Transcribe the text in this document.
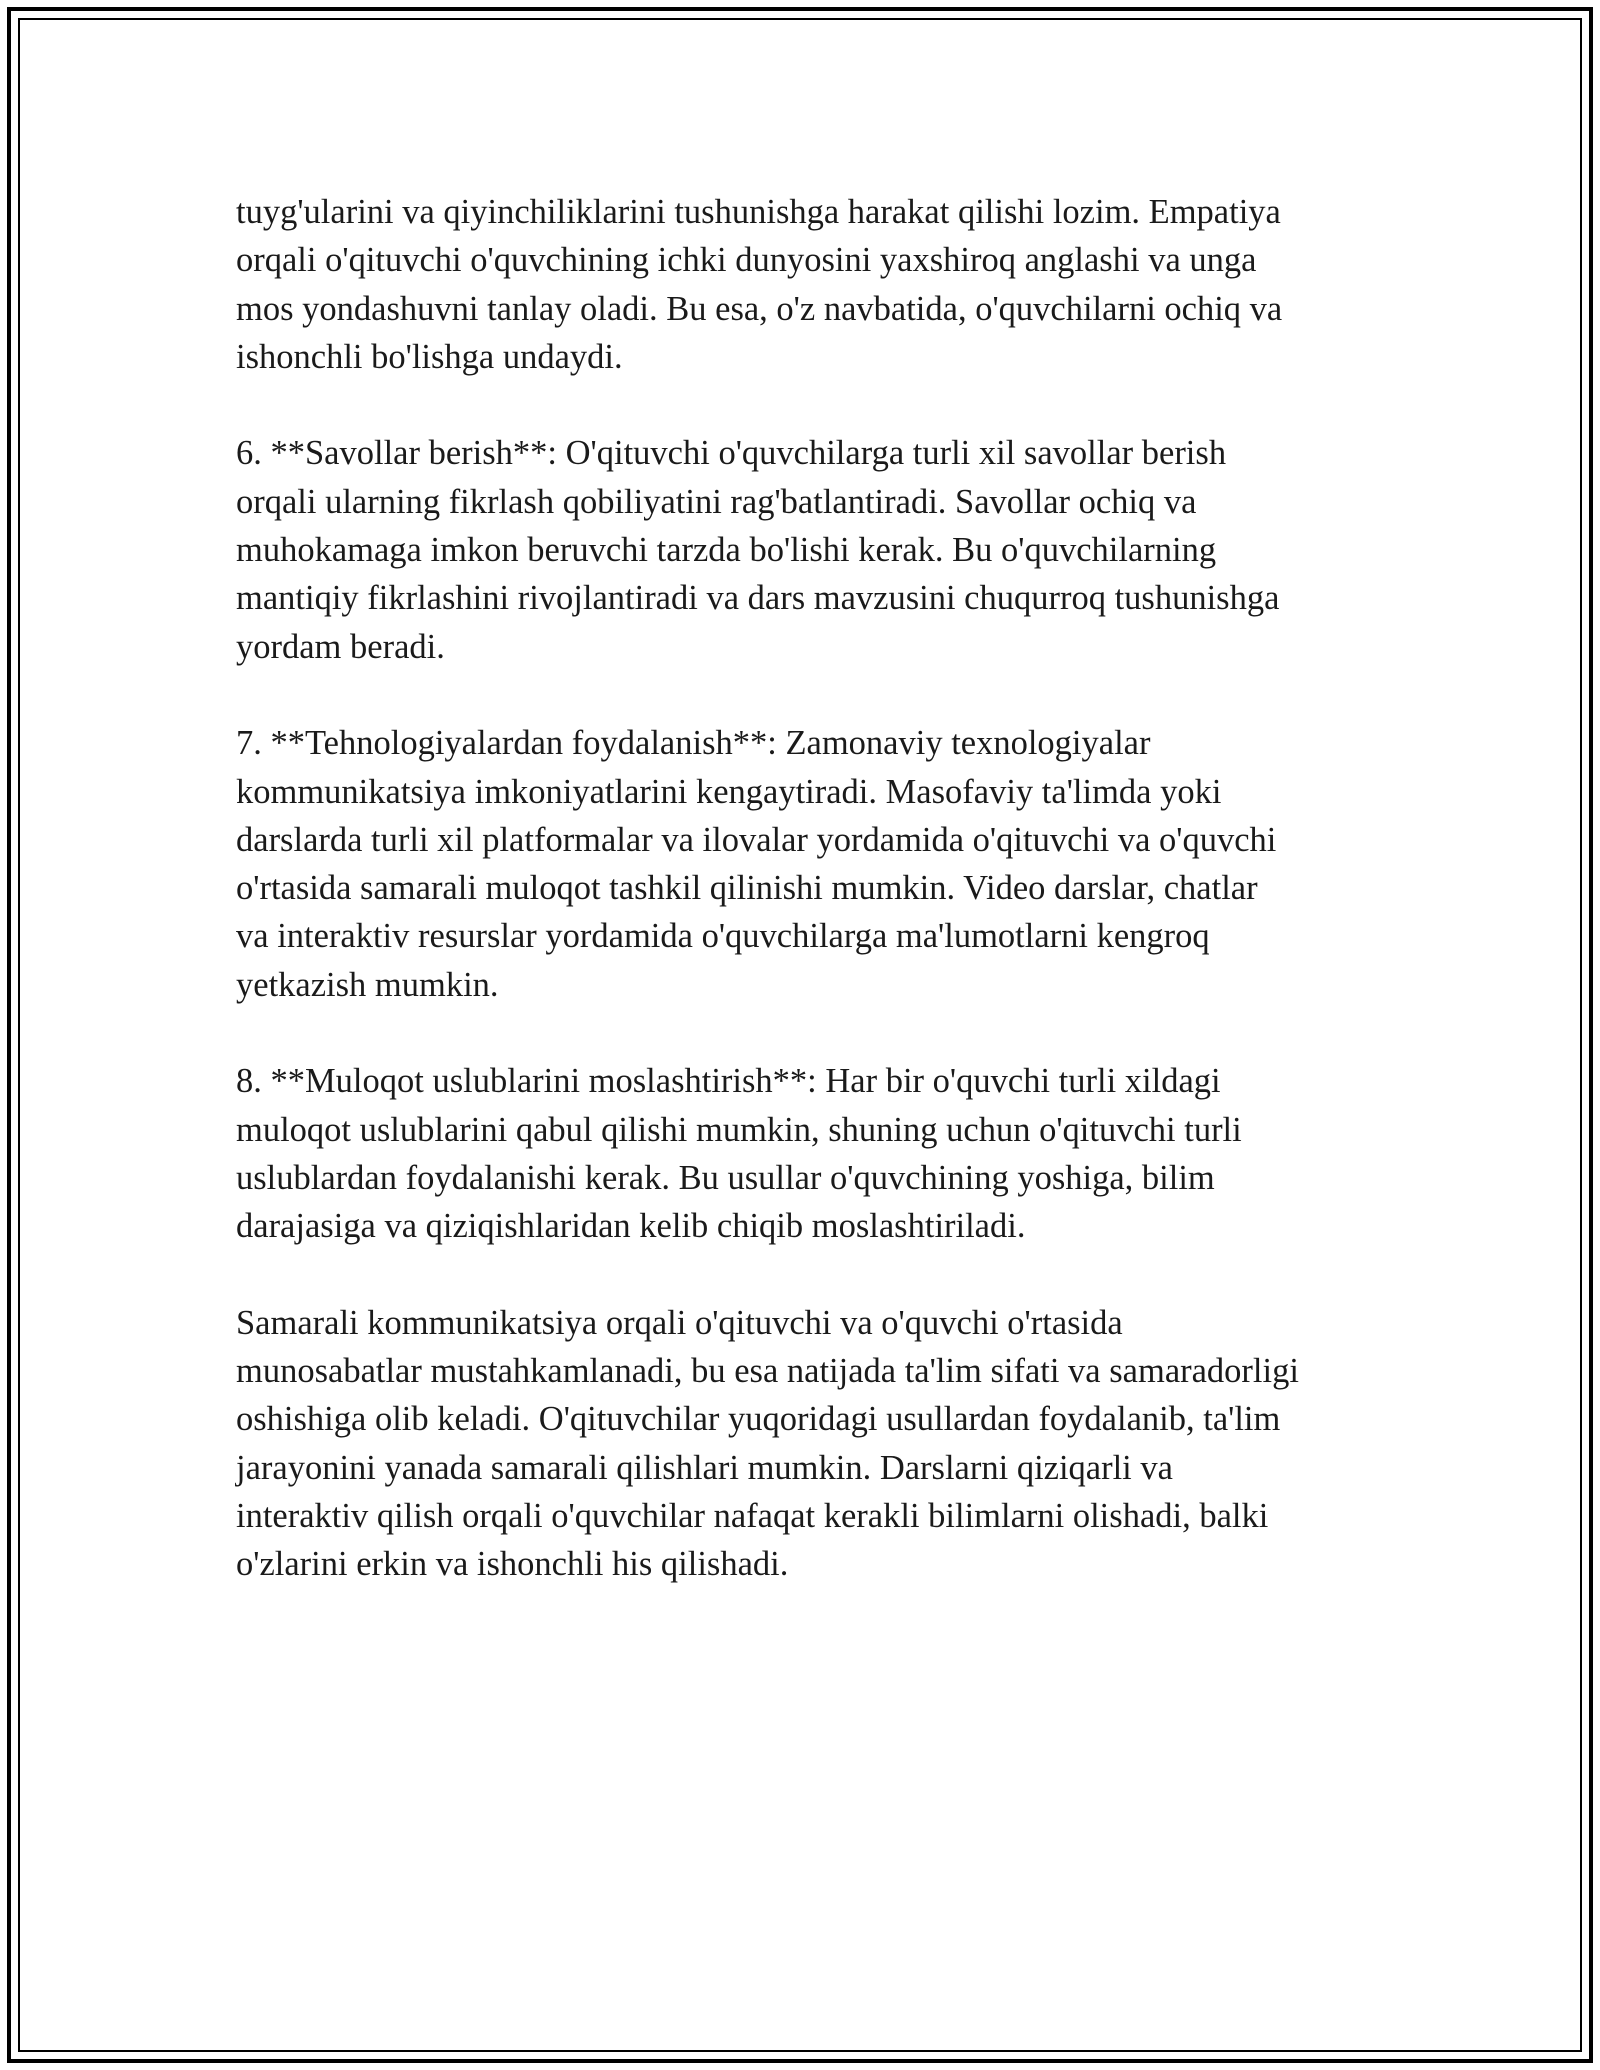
tuyg'ularini va qiyinchiliklarini tushunishga harakat qilishi lozim. Empatiya
orqali o'qituvchi o'quvchining ichki dunyosini yaxshiroq anglashi va unga
mos yondashuvni tanlay oladi. Bu esa, o'z navbatida, o'quvchilarni ochiq va
ishonchli bo'lishga undaydi.

6. **Savollar berish**: O'qituvchi o'quvchilarga turli xil savollar berish
orqali ularning fikrlash qobiliyatini rag'batlantiradi. Savollar ochiq va
muhokamaga imkon beruvchi tarzda bo'lishi kerak. Bu o'quvchilarning
mantiqiy fikrlashini rivojlantiradi va dars mavzusini chuqurroq tushunishga
yordam beradi.

7. **Tehnologiyalardan foydalanish**: Zamonaviy texnologiyalar
kommunikatsiya imkoniyatlarini kengaytiradi. Masofaviy ta'limda yoki
darslarda turli xil platformalar va ilovalar yordamida o'qituvchi va o'quvchi
o'rtasida samarali muloqot tashkil qilinishi mumkin. Video darslar, chatlar
va interaktiv resurslar yordamida o'quvchilarga ma'lumotlarni kengroq
yetkazish mumkin.

8. **Muloqot uslublarini moslashtirish**: Har bir o'quvchi turli xildagi
muloqot uslublarini qabul qilishi mumkin, shuning uchun o'qituvchi turli
uslublardan foydalanishi kerak. Bu usullar o'quvchining yoshiga, bilim
darajasiga va qiziqishlaridan kelib chiqib moslashtiriladi.

Samarali kommunikatsiya orqali o'qituvchi va o'quvchi o'rtasida
munosabatlar mustahkamlanadi, bu esa natijada ta'lim sifati va samaradorligi
oshishiga olib keladi. O'qituvchilar yuqoridagi usullardan foydalanib, ta'lim
jarayonini yanada samarali qilishlari mumkin. Darslarni qiziqarli va
interaktiv qilish orqali o'quvchilar nafaqat kerakli bilimlarni olishadi, balki
o'zlarini erkin va ishonchli his qilishadi.
